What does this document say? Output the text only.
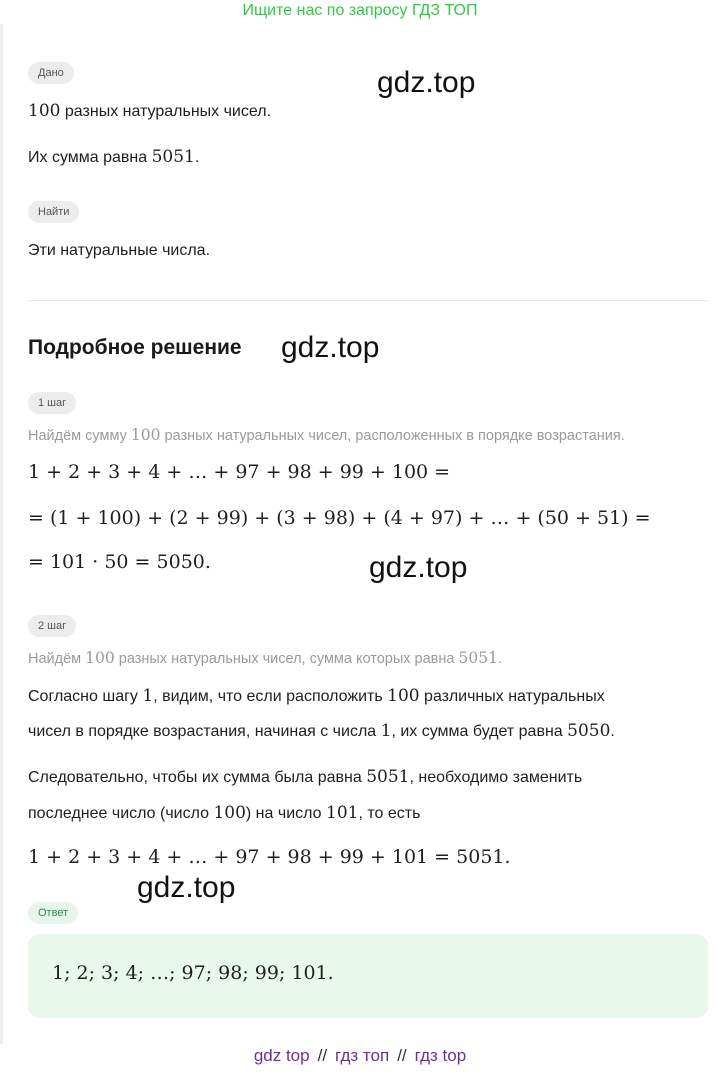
Ищите нас по запросу ГДЗ ТОП
Дано
100 разных натуральных чисел.
Их сумма равна 5051.
Найти
Эти натуральные числа.
Подробное решение
1 шаг
Найдём сумму 100 разных натуральных чисел, расположенных в порядке возрастания.
1 + 2 + 3 + 4 + … + 97 + 98 + 99 + 100 =
= (1 + 100) + (2 + 99) + (3 + 98) + (4 + 97) + … + (50 + 51) =
= 101 · 50 = 5050.
2 шаг
Найдём 100 разных натуральных чисел, сумма которых равна 5051.
Согласно шагу 1, видим, что если расположить 100 различных натуральных
чисел в порядке возрастания, начиная с числа 1, их сумма будет равна 5050.
Следовательно, чтобы их сумма была равна 5051, необходимо заменить
последнее число (число 100) на число 101, то есть
1 + 2 + 3 + 4 + … + 97 + 98 + 99 + 101 = 5051.
Ответ
1; 2; 3; 4; …; 97; 98; 99; 101.
gdz.top
gdz.top
gdz.top
gdz.top
gdz top // гдз топ // гдз top
